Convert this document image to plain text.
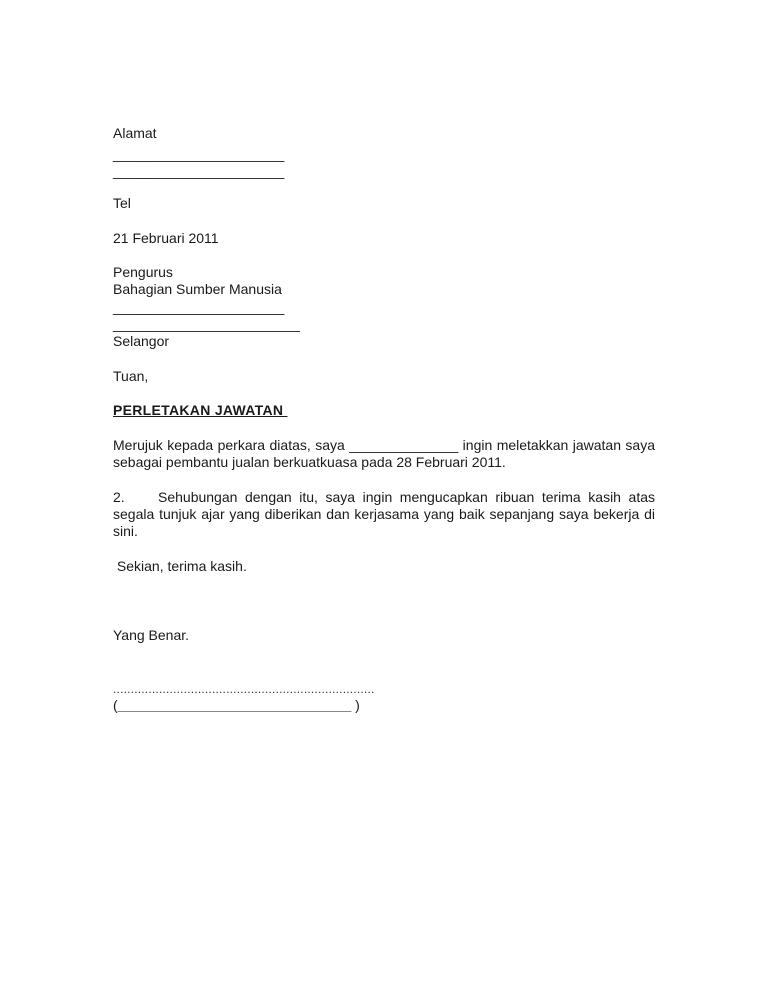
Alamat
______________________
______________________
Tel
21 Februari 2011
Pengurus
Bahagian Sumber Manusia
______________________
________________________
Selangor
Tuan,
PERLETAKAN JAWATAN
Merujuk kepada perkara diatas, saya ______________ ingin meletakkan jawatan saya sebagai pembantu jualan berkuatkuasa pada 28 Februari 2011.
2. Sehubungan dengan itu, saya ingin mengucapkan ribuan terima kasih atas segala tunjuk ajar yang diberikan dan kerjasama yang baik sepanjang saya bekerja di sini.
Sekian, terima kasih.
Yang Benar.
..........................................................................
(______________________________ )
